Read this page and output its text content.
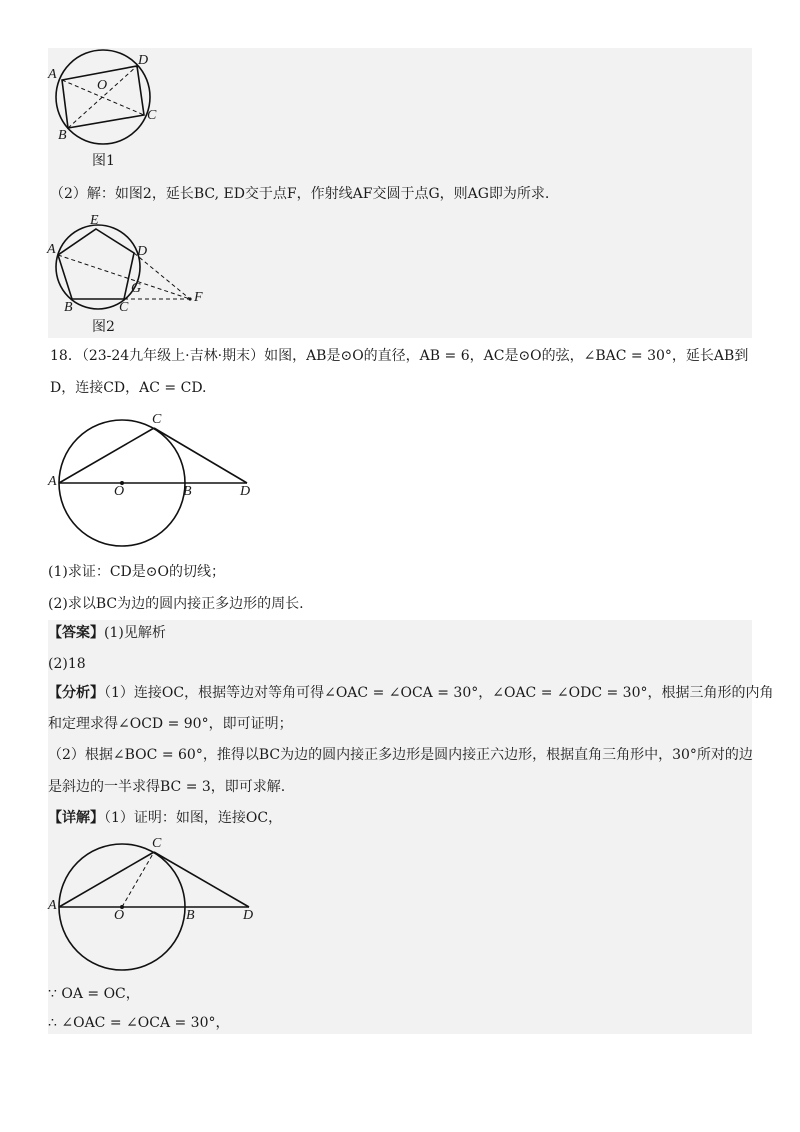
A
D
O
B
C
图1
（2）解：如图2，延长BC, ED交于点F，作射线AF交圆于点G，则AG即为所求.
E
A	D
G
F
B	C
图2
18．（23-24九年级上·吉林·期末）如图，AB是⊙O的直径，AB = 6，AC是⊙O的弦，∠BAC = 30°，延长AB到
D，连接CD，AC = CD.
C
A
O	B	D
(1)求证：CD是⊙O的切线；
(2)求以BC为边的圆内接正多边形的周长.
【答案】(1)见解析
(2)18
【分析】（1）连接OC，根据等边对等角可得∠OAC = ∠OCA = 30°，∠OAC = ∠ODC = 30°，根据三角形的内角
和定理求得∠OCD = 90°，即可证明；
（2）根据∠BOC = 60°，推得以BC为边的圆内接正多边形是圆内接正六边形，根据直角三角形中，30°所对的边
是斜边的一半求得BC = 3，即可求解.
【详解】（1）证明：如图，连接OC，
C
A
O	B	D
∵ OA = OC，
∴ ∠OAC = ∠OCA = 30°，
